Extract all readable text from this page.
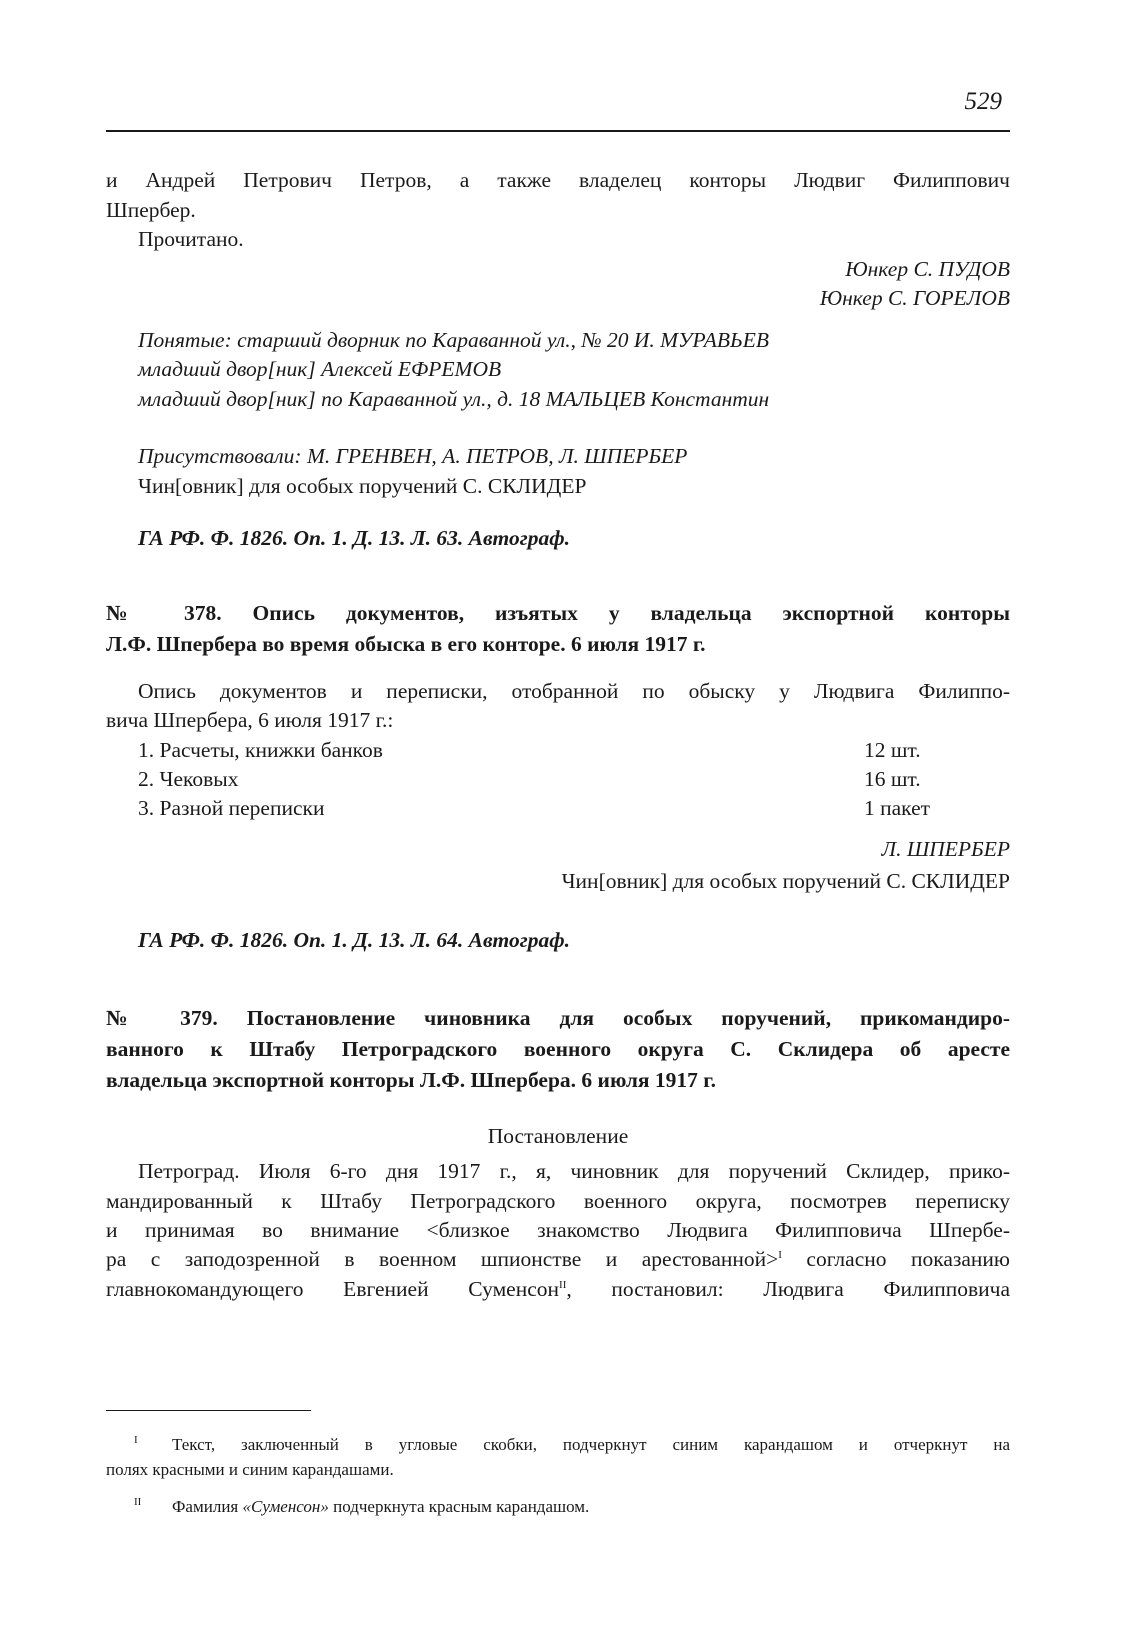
529
и Андрей Петрович Петров, а также владелец конторы Людвиг Филиппович
Шпербер.
Прочитано.
Юнкер С. ПУДОВ
Юнкер С. ГОРЕЛОВ
Понятые: старший дворник по Караванной ул., № 20 И. МУРАВЬЕВ
младший двор[ник] Алексей ЕФРЕМОВ
младший двор[ник] по Караванной ул., д. 18 МАЛЬЦЕВ Константин
Присутствовали: М. ГРЕНВЕН, А. ПЕТРОВ, Л. ШПЕРБЕР
Чин[овник] для особых поручений С. СКЛИДЕР
ГА РФ. Ф. 1826. Оп. 1. Д. 13. Л. 63. Автограф.
№ 378. Опись документов, изъятых у владельца экспортной конторы
Л.Ф. Шпербера во время обыска в его конторе. 6 июля 1917 г.
Опись документов и переписки, отобранной по обыску у Людвига Филиппо-
вича Шпербера, 6 июля 1917 г.:
1. Расчеты, книжки банков	12 шт.
2. Чековых	16 шт.
3. Разной переписки	1 пакет
Л. ШПЕРБЕР
Чин[овник] для особых поручений С. СКЛИДЕР
ГА РФ. Ф. 1826. Оп. 1. Д. 13. Л. 64. Автограф.
№ 379. Постановление чиновника для особых поручений, прикомандиро-
ванного к Штабу Петроградского военного округа С. Склидера об аресте
владельца экспортной конторы Л.Ф. Шпербера. 6 июля 1917 г.
Постановление
Петроград. Июля 6-го дня 1917 г., я, чиновник для поручений Склидер, прико-
мандированный к Штабу Петроградского военного округа, посмотрев переписку
и принимая во внимание <близкое знакомство Людвига Филипповича Шпербе-
ра с заподозренной в военном шпионстве и арестованной>$^I$ согласно показанию
главнокомандующего Евгенией Суменсон$^{II}$, постановил: Людвига Филипповича
I	Текст, заключенный в угловые скобки, подчеркнут синим карандашом и отчеркнут на
полях красными и синим карандашами.
II	Фамилия «Суменсон» подчеркнута красным карандашом.
